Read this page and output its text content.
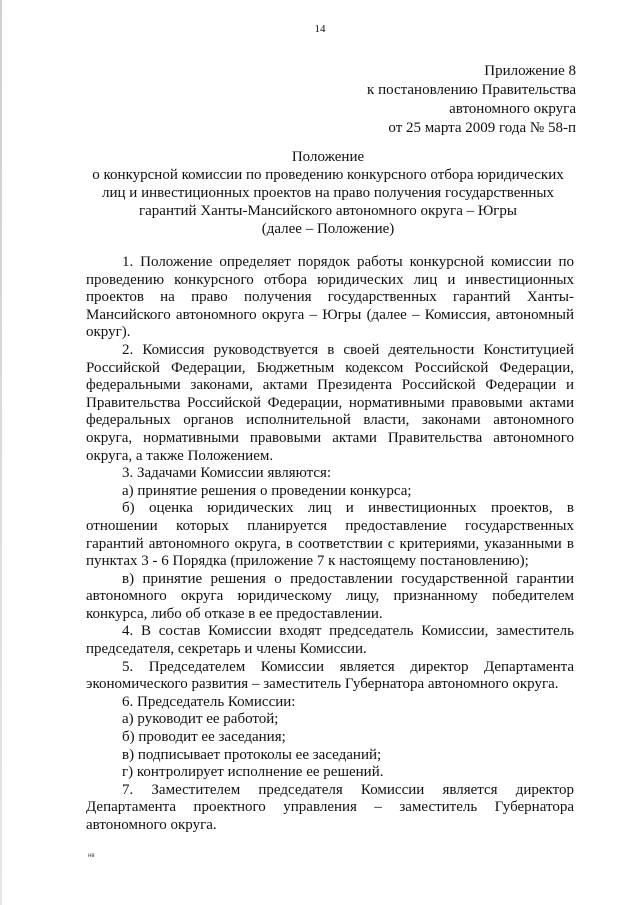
14
Приложение 8
к постановлению Правительства
автономного округа
от 25 марта 2009 года № 58-п
Положение
о конкурсной комиссии по проведению конкурсного отбора юридических
лиц и инвестиционных проектов на право получения государственных
гарантий Ханты-Мансийского автономного округа – Югры
(далее – Положение)

1. Положение определяет порядок работы конкурсной комиссии по проведению конкурсного отбора юридических лиц и инвестиционных проектов на право получения государственных гарантий Ханты-Мансийского автономного округа – Югры (далее – Комиссия, автономный округ).

2. Комиссия руководствуется в своей деятельности Конституцией Российской Федерации, Бюджетным кодексом Российской Федерации, федеральными законами, актами Президента Российской Федерации и Правительства Российской Федерации, нормативными правовыми актами федеральных органов исполнительной власти, законами автономного округа, нормативными правовыми актами Правительства автономного округа, а также Положением.

3. Задачами Комиссии являются:

а) принятие решения о проведении конкурса;

б) оценка юридических лиц и инвестиционных проектов, в отношении которых планируется предоставление государственных гарантий автономного округа, в соответствии с критериями, указанными в пунктах 3 - 6 Порядка (приложение 7 к настоящему постановлению);

в) принятие решения о предоставлении государственной гарантии автономного округа юридическому лицу, признанному победителем конкурса, либо об отказе в ее предоставлении.

4. В состав Комиссии входят председатель Комиссии, заместитель председателя, секретарь и члены Комиссии.

5. Председателем Комиссии является директор Департамента экономического развития – заместитель Губернатора автономного округа.

6. Председатель Комиссии:

а) руководит ее работой;

б) проводит ее заседания;

в) подписывает протоколы ее заседаний;

г) контролирует исполнение ее решений.

7. Заместителем председателя Комиссии является директор Департамента проектного управления – заместитель Губернатора автономного округа.

нв
